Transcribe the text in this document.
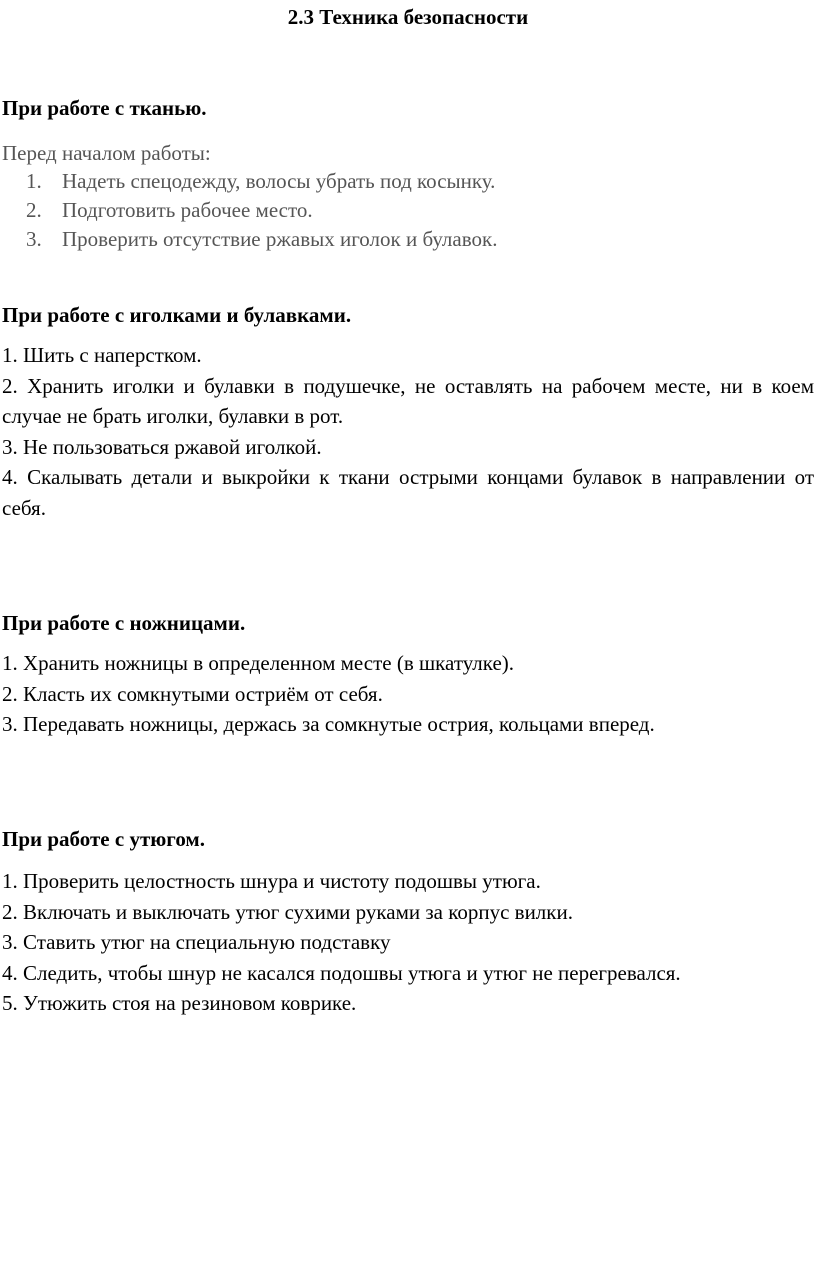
2.3 Техника безопасности
При работе с тканью.

Перед началом работы:

1. Надеть спецодежду, волосы убрать под косынку.
2. Подготовить рабочее место.
3. Проверить отсутствие ржавых иголок и булавок.
При работе с иголками и булавками.
1. Шить с наперстком.
2. Хранить иголки и булавки в подушечке, не оставлять на рабочем месте, ни в коем случае не брать иголки, булавки в рот.
3. Не пользоваться ржавой иголкой.
4. Скалывать детали и выкройки к ткани острыми концами булавок в направлении от себя.
При работе с ножницами.
1. Хранить ножницы в определенном месте (в шкатулке).
2. Класть их сомкнутыми остриём от себя.
3. Передавать ножницы, держась за сомкнутые острия, кольцами вперед.
При работе с утюгом.
1. Проверить целостность шнура и чистоту подошвы утюга.
2. Включать и выключать утюг сухими руками за корпус вилки.
3. Ставить утюг на специальную подставку
4. Следить, чтобы шнур не касался подошвы утюга и утюг не перегревался.
5. Утюжить стоя на резиновом коврике.
